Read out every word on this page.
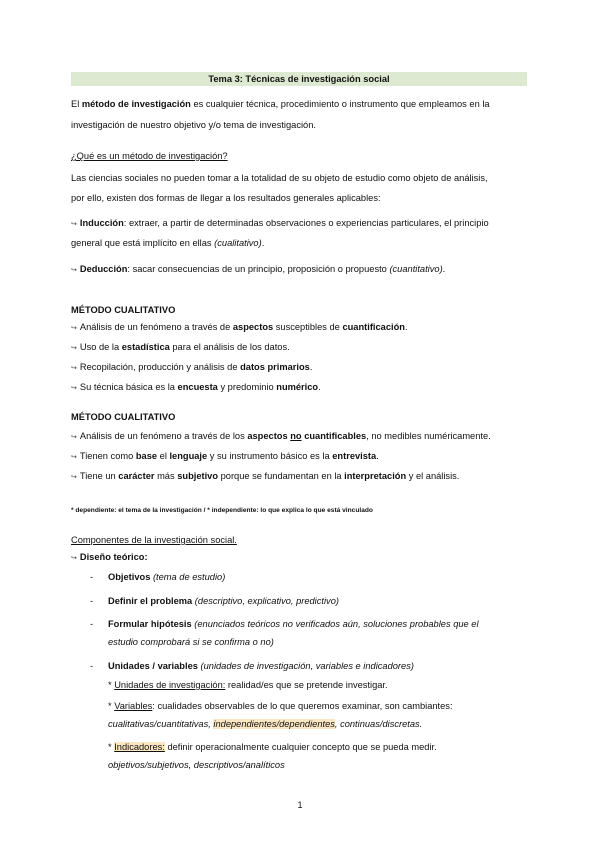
Tema 3: Técnicas de investigación social
El método de investigación es cualquier técnica, procedimiento o instrumento que empleamos en la
investigación de nuestro objetivo y/o tema de investigación.
¿Qué es un método de investigación?
Las ciencias sociales no pueden tomar a la totalidad de su objeto de estudio como objeto de análisis,
por ello, existen dos formas de llegar a los resultados generales aplicables:
↪ Inducción: extraer, a partir de determinadas observaciones o experiencias particulares, el principio
general que está implícito en ellas (cualitativo).
↪ Deducción: sacar consecuencias de un principio, proposición o propuesto (cuantitativo).
MÉTODO CUALITATIVO
↪ Análisis de un fenómeno a través de aspectos susceptibles de cuantificación.
↪ Uso de la estadística para el análisis de los datos.
↪ Recopilación, producción y análisis de datos primarios.
↪ Su técnica básica es la encuesta y predominio numérico.
MÉTODO CUALITATIVO
↪ Análisis de un fenómeno a través de los aspectos no cuantificables, no medibles numéricamente.
↪ Tienen como base el lenguaje y su instrumento básico es la entrevista.
↪ Tiene un carácter más subjetivo porque se fundamentan en la interpretación y el análisis.
* dependiente: el tema de la investigación / * independiente: lo que explica lo que está vinculado
Componentes de la investigación social.
↪ Diseño teórico:
- Objetivos (tema de estudio)
- Definir el problema (descriptivo, explicativo, predictivo)
- Formular hipótesis (enunciados teóricos no verificados aún, soluciones probables que el
estudio comprobará si se confirma o no)
- Unidades / variables (unidades de investigación, variables e indicadores)
* Unidades de investigación: realidad/es que se pretende investigar.
* Variables: cualidades observables de lo que queremos examinar, son cambiantes:
cualitativas/cuantitativas, independientes/dependientes, continuas/discretas.
* Indicadores: definir operacionalmente cualquier concepto que se pueda medir.
objetivos/subjetivos, descriptivos/analíticos
1
